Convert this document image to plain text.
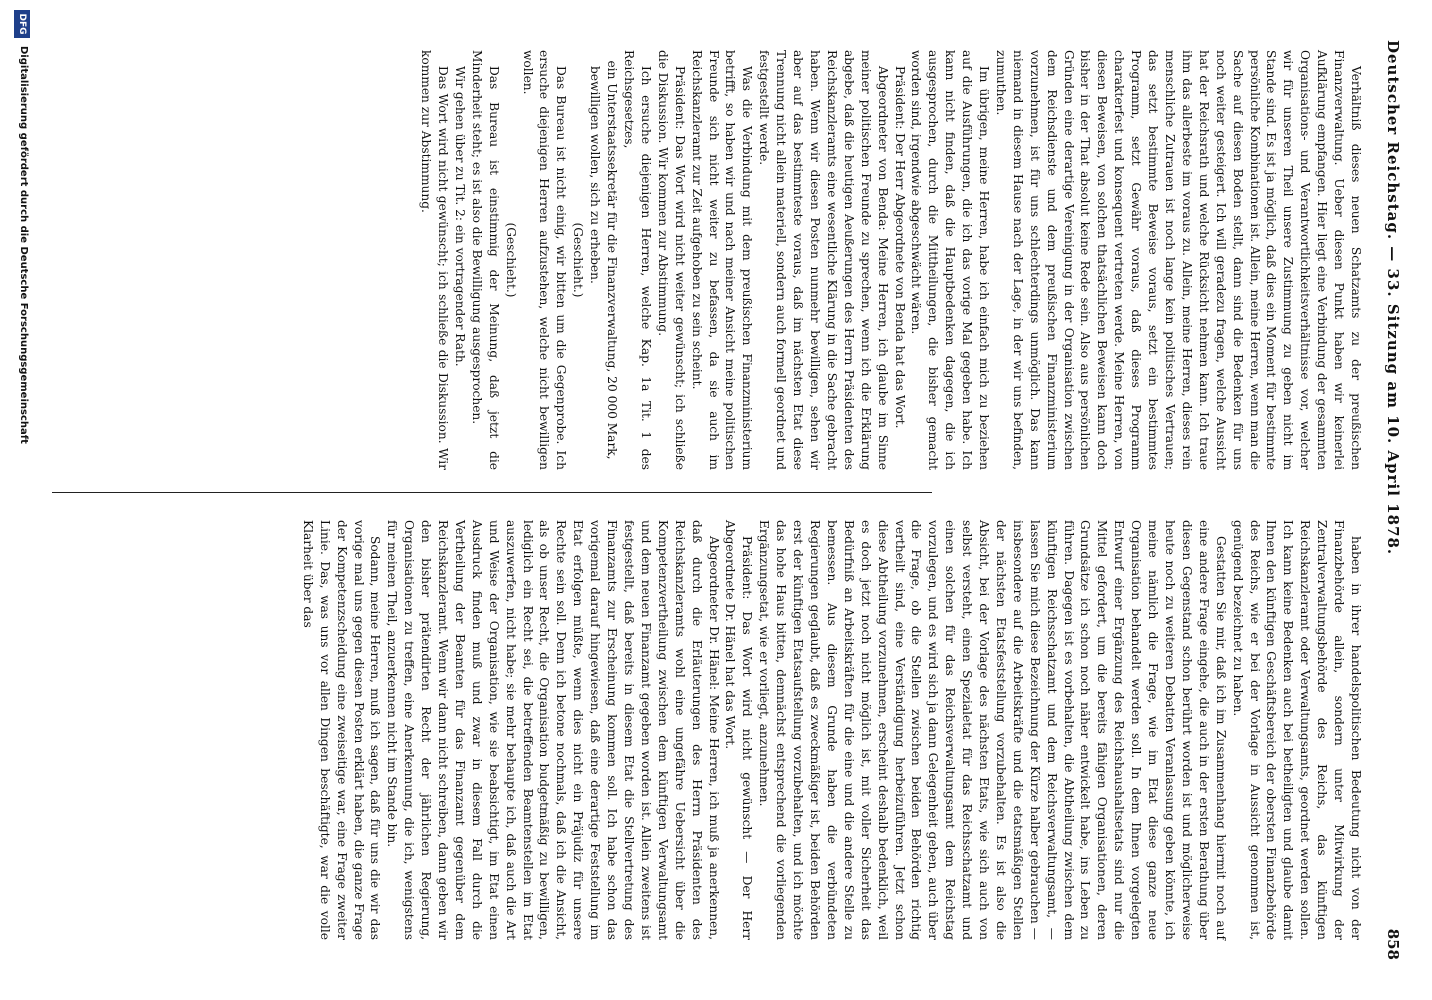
858
Deutscher Reichstag. — 33. Sitzung am 10. April 1878.

Verhältniß dieses neuen Schatzamts zu der preußischen Finanzverwaltung. Ueber diesen Punkt haben wir keinerlei Aufklärung empfangen. Hier liegt eine Verbindung der gesammten Organisations- und Verantwortlichkeitsverhältnisse vor, welcher wir für unseren Theil unsere Zustimmung zu geben nicht im Stande sind. Es ist ja möglich, daß dies ein Moment für bestimmte persönliche Kombinationen ist. Allein, meine Herren, wenn man die Sache auf diesen Boden stellt, dann sind die Bedenken für uns noch weiter gesteigert. Ich will geradezu fragen, welche Aussicht hat der Reichsrath und welche Rücksicht nehmen kann. Ich traue ihm das allerbeste im voraus zu. Allein, meine Herren, dieses rein menschliche Zutrauen ist noch lange kein politisches Vertrauen; das setzt bestimmte Beweise voraus, setzt ein bestimmtes Programm, setzt Gewähr voraus, daß dieses Programm charakterfest und konsequent vertreten werde. Meine Herren, von diesen Beweisen, von solchen thatsächlichen Beweisen kann doch bisher in der That absolut keine Rede sein. Also aus persönlichen Gründen eine derartige Vereinigung in der Organisation zwischen dem Reichsdienste und dem preußischen Finanzministerium vorzunehmen, ist für uns schlechterdings unmöglich. Das kann niemand in diesem Hause nach der Lage, in der wir uns befinden, zumuthen.

Im übrigen, meine Herren, habe ich einfach mich zu beziehen auf die Ausführungen, die ich das vorige Mal gegeben habe. Ich kann nicht finden, daß die Hauptbedenken dagegen, die ich ausgesprochen, durch die Mittheilungen, die bisher gemacht worden sind, irgendwie abgeschwächt wären.

Präsident: Der Herr Abgeordnete von Benda hat das Wort.

Abgeordneter von Benda: Meine Herren, ich glaube im Sinne meiner politischen Freunde zu sprechen, wenn ich die Erklärung abgebe, daß die heutigen Aeußerungen des Herrn Präsidenten des Reichskanzleramts eine wesentliche Klärung in die Sache gebracht haben. Wenn wir diesen Posten nunmehr bewilligen, sehen wir aber auf das bestimmteste voraus, daß im nächsten Etat diese Trennung nicht allein materiell, sondern auch formell geordnet und festgestellt werde.

Was die Verbindung mit dem preußischen Finanzministerium betrifft, so haben wir und nach meiner Ansicht meine politischen Freunde sich nicht weiter zu befassen, da sie auch im Reichskanzleramt zur Zeit aufgehoben zu sein scheint.

Präsident: Das Wort wird nicht weiter gewünscht; ich schließe die Diskussion. Wir kommen zur Abstimmung.

Ich ersuche diejenigen Herren, welche Kap. 1a Tit. 1 des Reichsgesetzes,

ein Unterstaatssekretär für die Finanzverwaltung, 20 000 Mark,

bewilligen wollen, sich zu erheben.

(Geschieht.)

Das Bureau ist nicht einig, wir bitten um die Gegenprobe. Ich ersuche diejenigen Herren aufzustehen, welche nicht bewilligen wollen.

(Geschieht.)

Das Bureau ist einstimmig der Meinung, daß jetzt die Minderheit steht; es ist also die Bewilligung ausgesprochen.

Wir gehen über zu Tit. 2: ein vortragender Rath.

Das Wort wird nicht gewünscht; ich schließe die Diskussion. Wir kommen zur Abstimmung.

haben in ihrer handelspolitischen Bedeutung nicht von der Finanzbehörde allein, sondern unter Mitwirkung der Zentralverwaltungsbehörde des Reichs, das künftigen Reichskanzleramt oder Verwaltungsamts, geordnet werden sollen. Ich kann keine Bedenken auch bei betheiligten und glaube damit Ihnen den künftigen Geschäftsbereich der obersten Finanzbehörde des Reichs, wie er bei der Vorlage in Aussicht genommen ist, genügend bezeichnet zu haben.

Gestatten Sie mir, daß ich im Zusammenhang hiermit noch auf eine andere Frage eingehe, die auch in der ersten Berathung über diesen Gegenstand schon berührt worden ist und möglicherweise heute noch zu weiteren Debatten Veranlassung geben könnte, ich meine nämlich die Frage, wie im Etat diese ganze neue Organisation behandelt werden soll. In dem Ihnen vorgelegten Entwurf einer Ergänzung des Reichshaushaltsetats sind nur die Mittel gefordert, um die bereits fähigen Organisationen, deren Grundsätze ich schon noch näher entwickelt habe, ins Leben zu führen. Dagegen ist es vorbehalten, die Abtheilung zwischen dem künftigen Reichsschatzamt und dem Reichsverwaltungsamt, — lassen Sie mich diese Bezeichnung der Kürze halber gebrauchen — insbesondere auf die Arbeitskräfte und die etatsmäßigen Stellen der nächsten Etatsfeststellung vorzubehalten. Es ist also die Absicht, bei der Vorlage des nächsten Etats, wie sich auch von selbst versteht, einen Spezialetat für das Reichsschatzamt und einen solchen für das Reichsverwaltungsamt dem Reichstag vorzulegen, und es wird sich ja dann Gelegenheit geben, auch über die Frage, ob die Stellen zwischen beiden Behörden richtig vertheilt sind, eine Verständigung herbeizuführen. Jetzt schon diese Abtheilung vorzunehmen, erscheint deshalb bedenklich, weil es doch jetzt noch nicht möglich ist, mit voller Sicherheit das Bedürfniß an Arbeitskräften für die eine und die andere Stelle zu bemessen. Aus diesem Grunde haben die verbündeten Regierungen geglaubt, daß es zweckmäßiger ist, beiden Behörden erst der künftigen Etatsaufstellung vorzubehalten, und ich möchte das hohe Haus bitten, demnächst entsprechend die vorliegenden Ergänzungsetat, wie er vorliegt, anzunehmen.

Präsident: Das Wort wird nicht gewünscht — Der Herr Abgeordnete Dr. Hänel hat das Wort.

Abgeordneter Dr. Hänel: Meine Herren, ich muß ja anerkennen, daß durch die Erläuterungen des Herrn Präsidenten des Reichskanzleramts wohl eine ungefähre Uebersicht über die Kompetenzvertheilung zwischen dem künftigen Verwaltungsamt und dem neuen Finanzamt gegeben worden ist. Allein zweitens ist festgestellt, daß bereits in diesem Etat die Stellvertretung des Finanzamts zur Erscheinung kommen soll. Ich habe schon das vorigemal darauf hingewiesen, daß eine derartige Feststellung im Etat erfolgen müßte, wenn dies nicht ein Präjudiz für unsere Rechte sein soll. Denn ich betone nochmals, daß ich die Ansicht, als ob unser Recht, die Organisation budgetmäßig zu bewilligen, lediglich ein Recht sei, die betreffenden Beamtenstellen im Etat auszuwerfen, nicht habe; sie mehr behaupte ich, daß auch die Art und Weise der Organisation, wie sie beabsichtigt, im Etat einen Ausdruck finden muß und zwar in diesem Fall durch die Vertheilung der Beamten für das Finanzamt gegenüber dem Reichskanzleramt. Wenn wir dann nicht schreiben, dann geben wir den bisher prätendirten Recht der jährlichen Regierung, Organisationen zu treffen, eine Anerkennung, die ich, wenigstens für meinen Theil, anzuerkennen nicht im Stande bin.

Sodann, meine Herren, muß ich sagen, daß für uns die wir das vorige mal uns gegen diesen Posten erklärt haben, die ganze Frage der Kompetenzscheidung eine zweiseitige war, eine Frage zweiter Linie. Das, was uns vor allen Dingen beschäftigte, war die volle Klarheit über das

DFG
Digitalisierung gefördert durch die Deutsche Forschungsgemeinschaft
